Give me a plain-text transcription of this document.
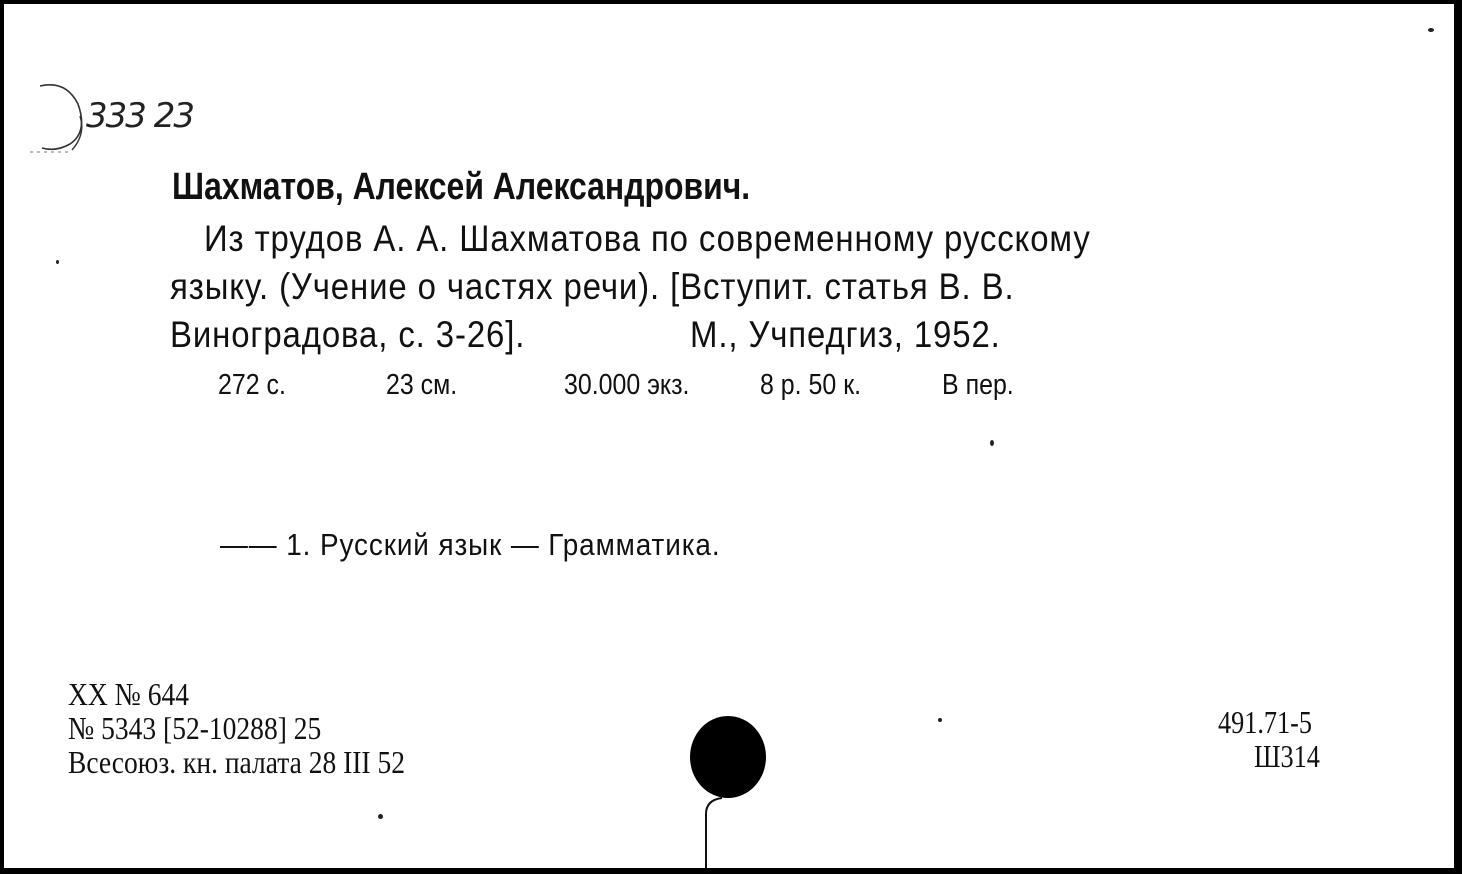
333 23
Шахматов, Алексей Александрович.
Из трудов А. А. Шахматова по современному русскому
языку. (Учение о частях речи). [Вступит. статья В. В.
Виноградова, с. 3-26].	М., Учпедгиз, 1952.
272 с.	23 см.	30.000 экз.	8 р. 50 к.	В пер.
—— 1. Русский язык — Грамматика.
XX № 644
№ 5343 [52-10288] 25
Всесоюз. кн. палата 28 III 52
491.71-5
Ш314
